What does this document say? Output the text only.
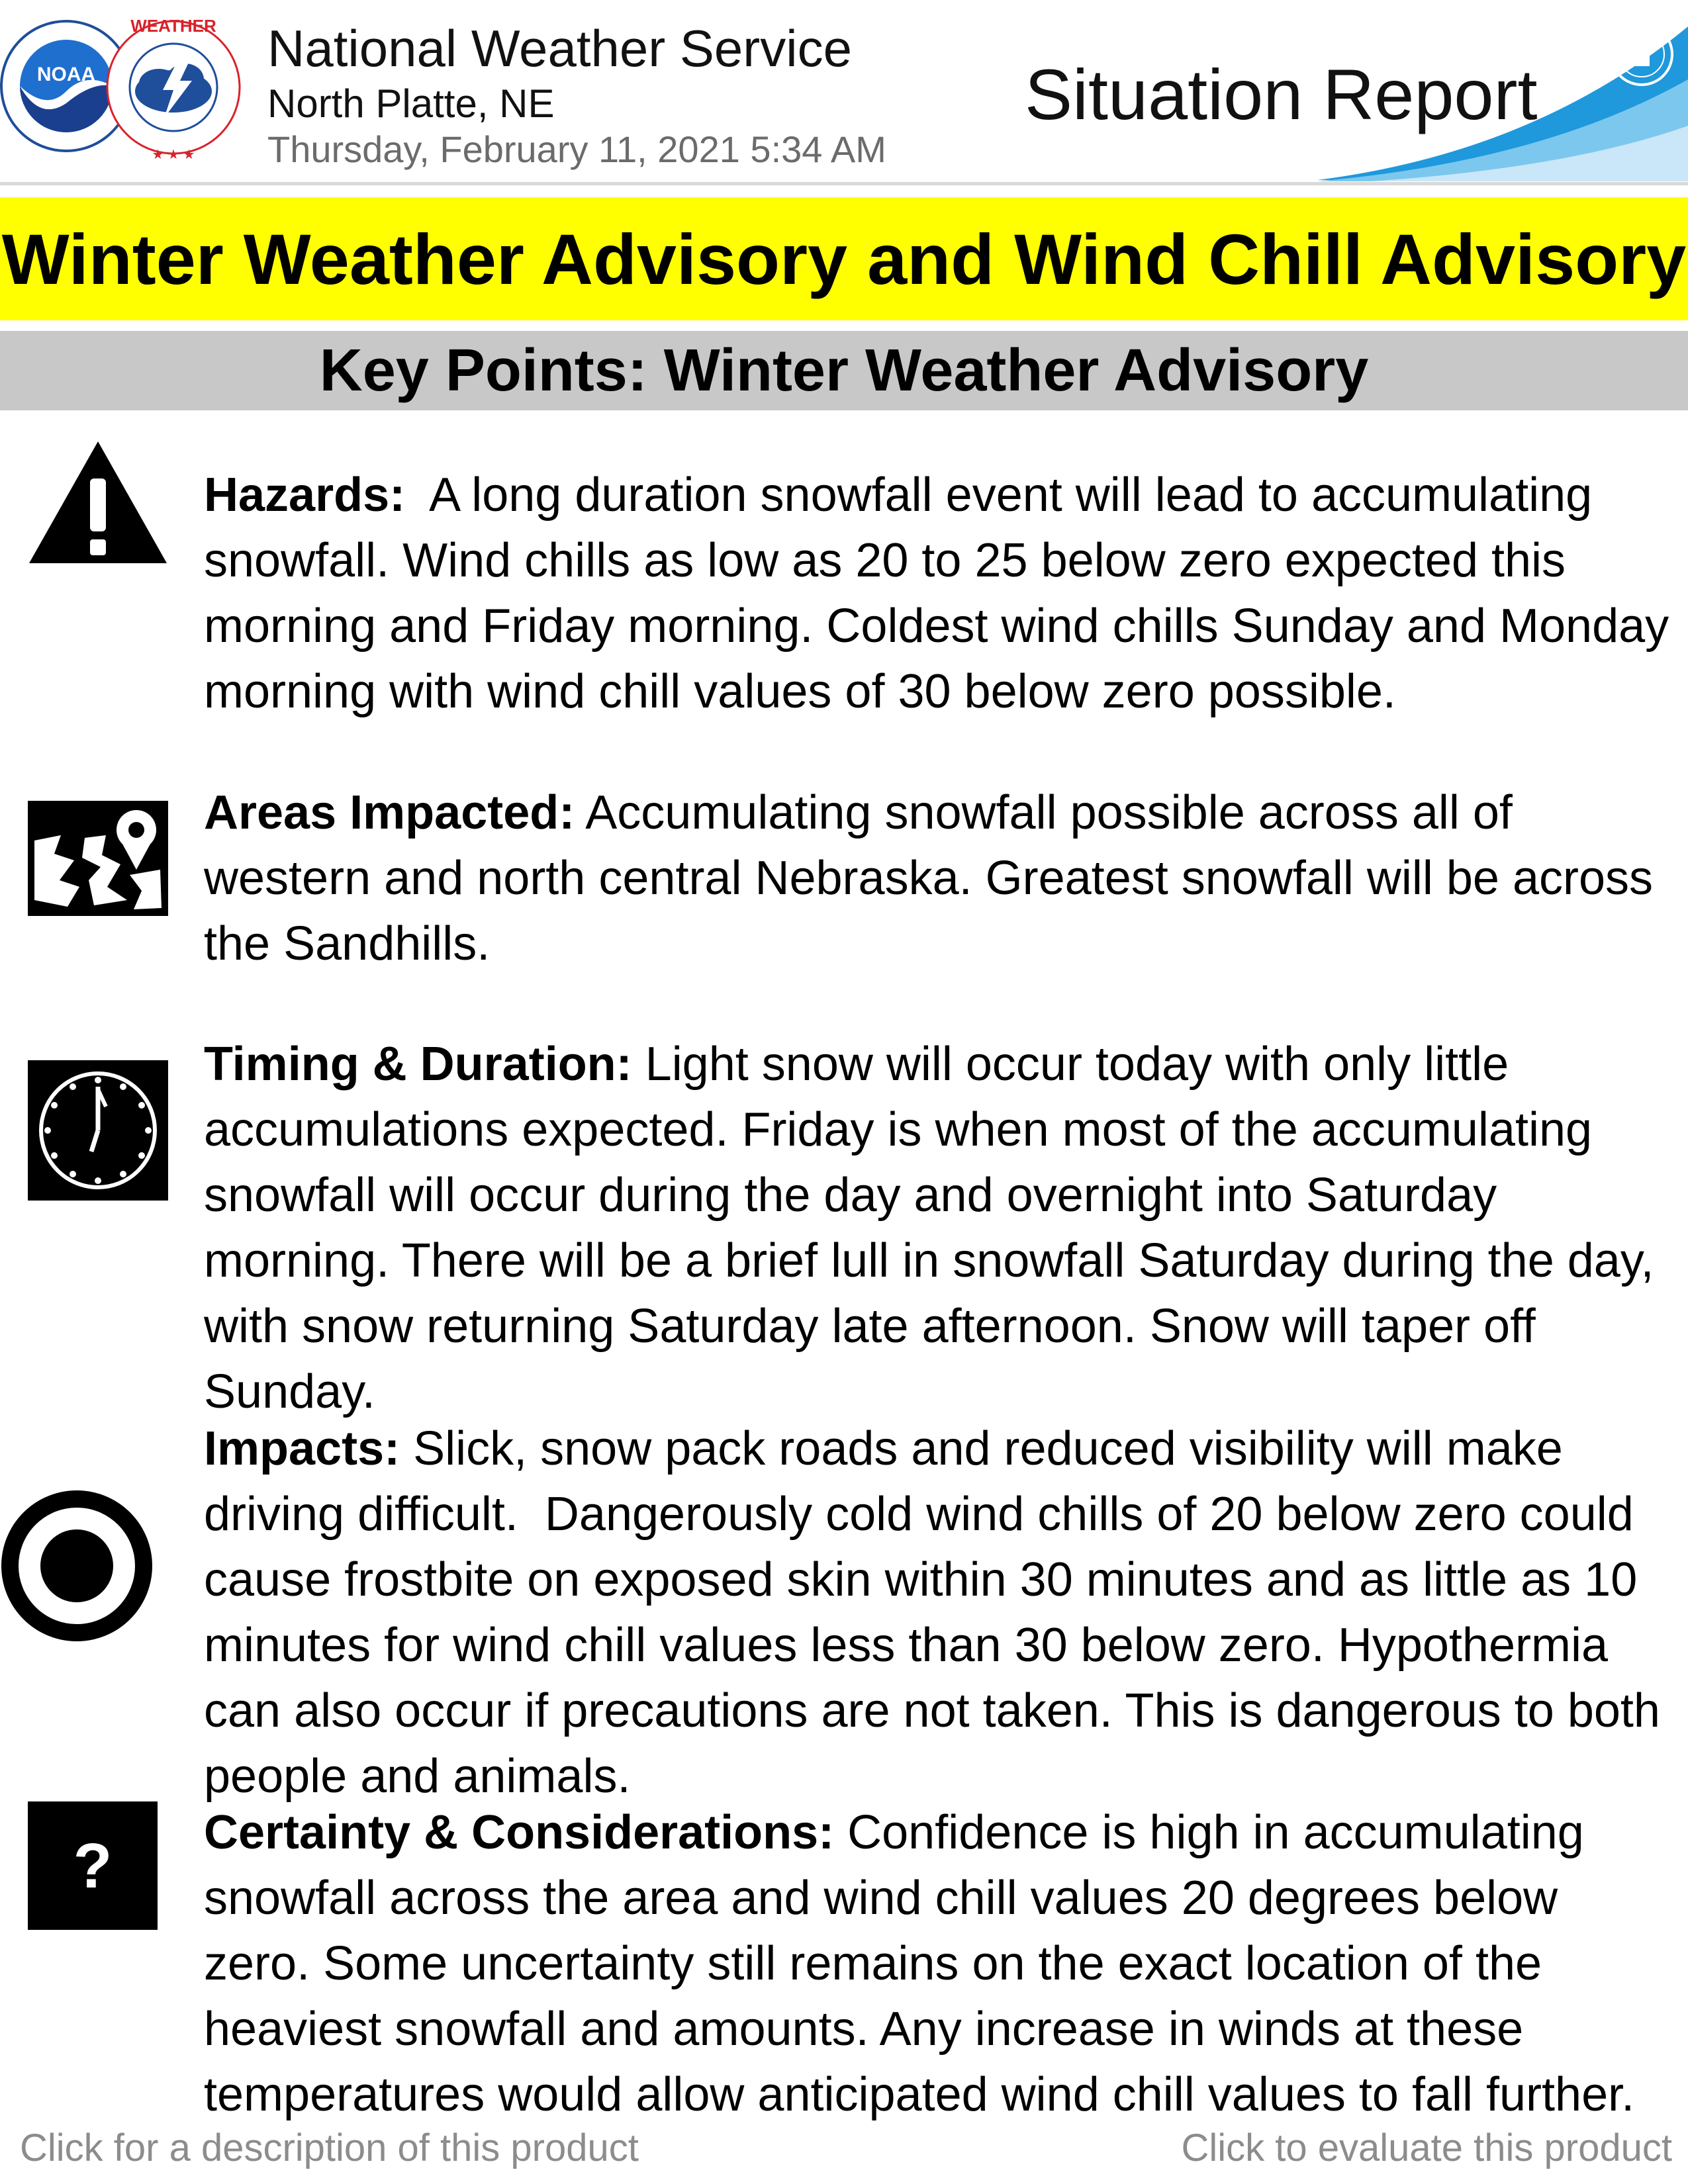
NOAA
WEATHER
★ ★ ★
National Weather Service
North Platte, NE
Thursday, February 11, 2021 5:34 AM
Situation Report
Winter Weather Advisory and Wind Chill Advisory
Key Points: Winter Weather Advisory
?
Hazards:  A long duration snowfall event will lead to accumulating snowfall. Wind chills as low as 20 to 25 below zero expected this morning and Friday morning. Coldest wind chills Sunday and Monday morning with wind chill values of 30 below zero possible.
Areas Impacted: Accumulating snowfall possible across all of western and north central Nebraska. Greatest snowfall will be across the Sandhills.
Timing & Duration: Light snow will occur today with only little accumulations expected. Friday is when most of the accumulating snowfall will occur during the day and overnight into Saturday morning. There will be a brief lull in snowfall Saturday during the day, with snow returning Saturday late afternoon. Snow will taper off Sunday.
Impacts: Slick, snow pack roads and reduced visibility will make driving difficult.  Dangerously cold wind chills of 20 below zero could cause frostbite on exposed skin within 30 minutes and as little as 10 minutes for wind chill values less than 30 below zero. Hypothermia can also occur if precautions are not taken. This is dangerous to both people and animals.
Certainty & Considerations: Confidence is high in accumulating snowfall across the area and wind chill values 20 degrees below zero. Some uncertainty still remains on the exact location of the heaviest snowfall and amounts. Any increase in winds at these temperatures would allow anticipated wind chill values to fall further.
Click for a description of this product	Click to evaluate this product
